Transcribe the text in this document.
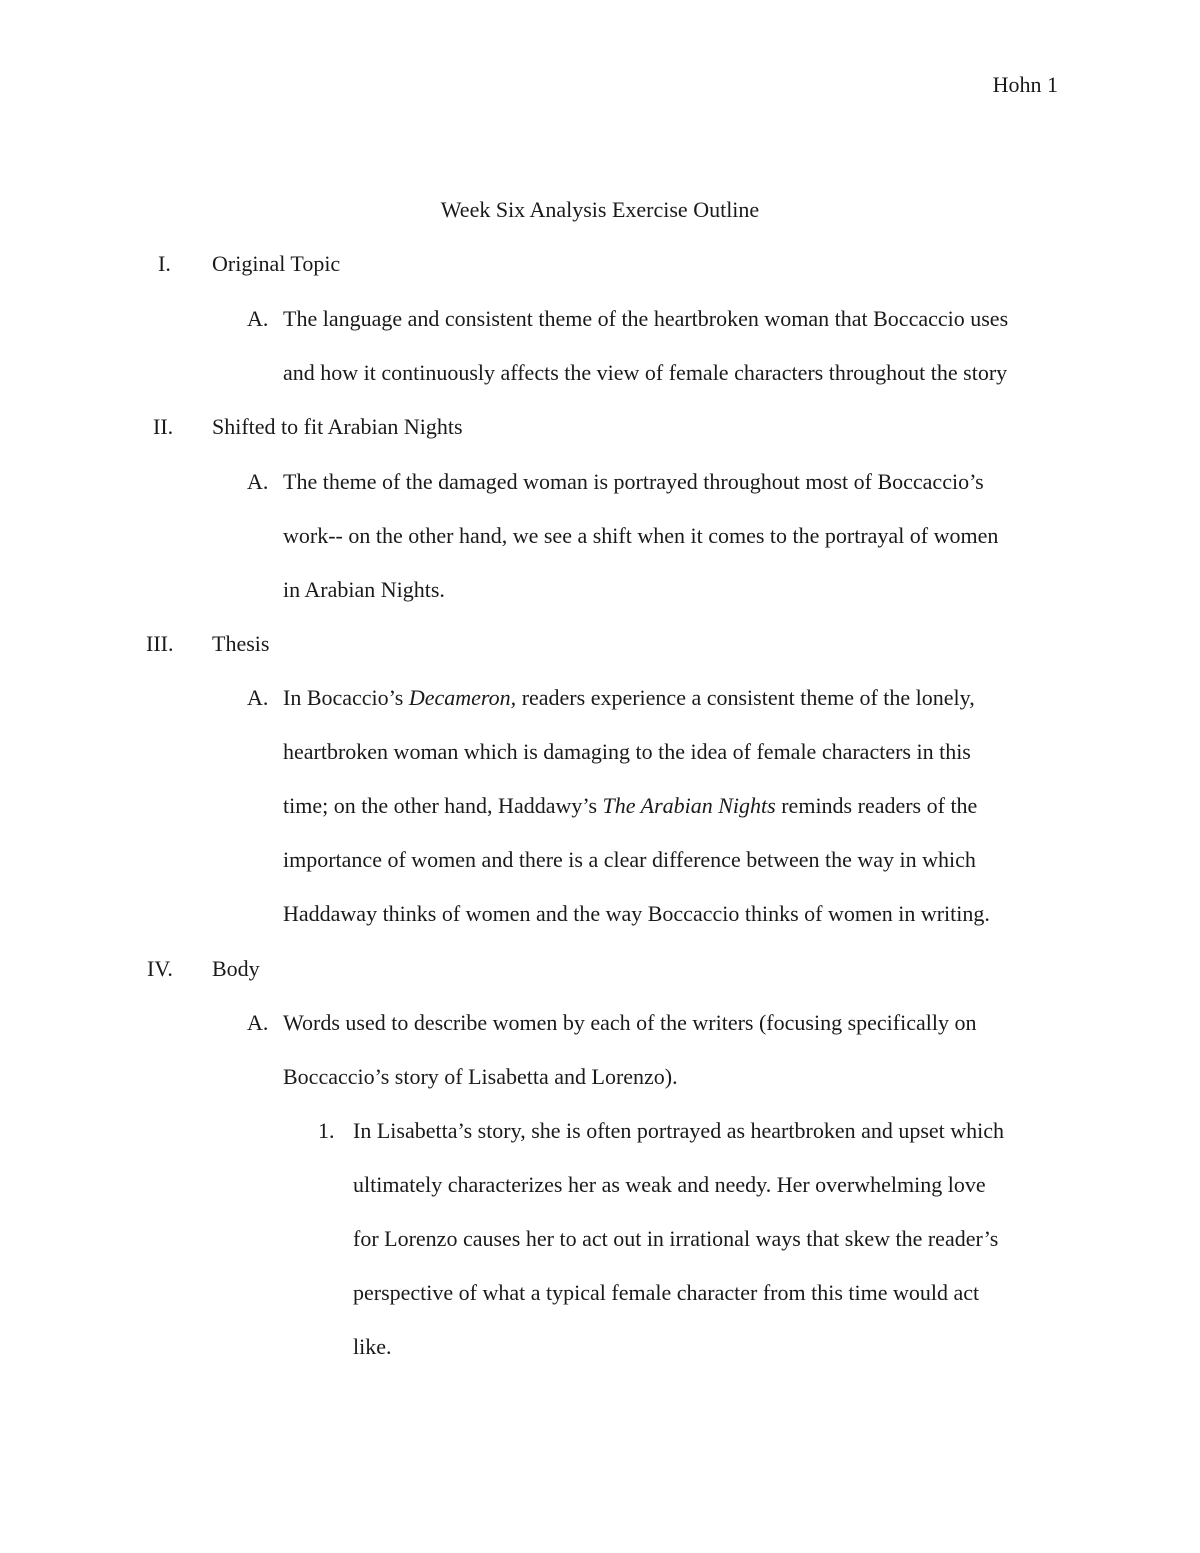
Hohn 1
Week Six Analysis Exercise Outline
I. Original Topic
A. The language and consistent theme of the heartbroken woman that Boccaccio uses
and how it continuously affects the view of female characters throughout the story
II. Shifted to fit Arabian Nights
A. The theme of the damaged woman is portrayed throughout most of Boccaccio’s
work-- on the other hand, we see a shift when it comes to the portrayal of women
in Arabian Nights.
III. Thesis
A. In Bocaccio’s Decameron, readers experience a consistent theme of the lonely,
heartbroken woman which is damaging to the idea of female characters in this
time; on the other hand, Haddawy’s The Arabian Nights reminds readers of the
importance of women and there is a clear difference between the way in which
Haddaway thinks of women and the way Boccaccio thinks of women in writing.
IV. Body
A. Words used to describe women by each of the writers (focusing specifically on
Boccaccio’s story of Lisabetta and Lorenzo).
1. In Lisabetta’s story, she is often portrayed as heartbroken and upset which
ultimately characterizes her as weak and needy. Her overwhelming love
for Lorenzo causes her to act out in irrational ways that skew the reader’s
perspective of what a typical female character from this time would act
like.
